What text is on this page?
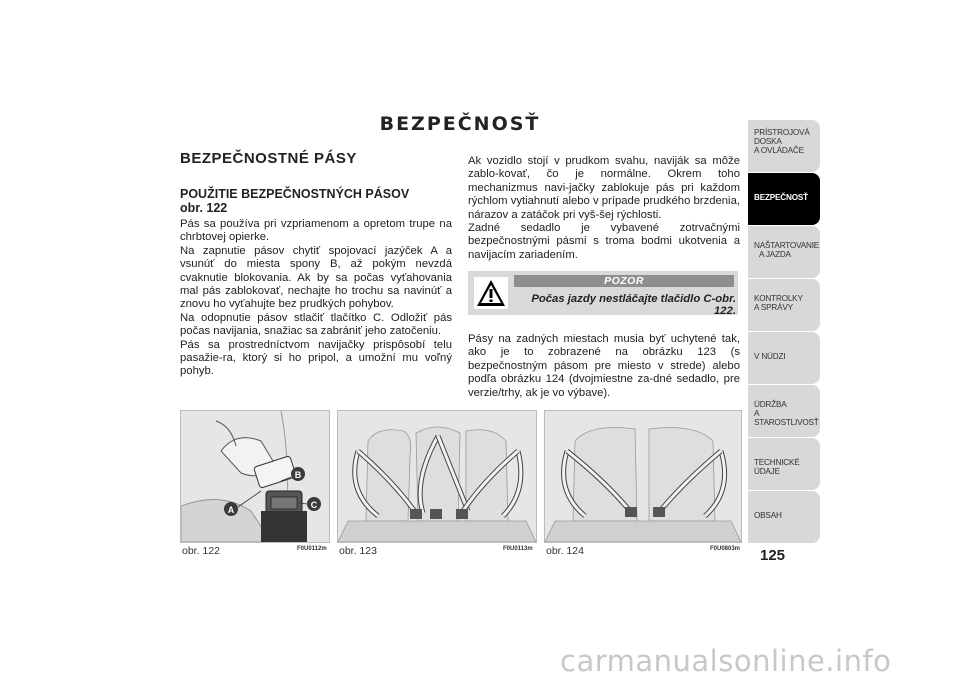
BEZPEČNOSŤ
BEZPEČNOSTNÉ PÁSY
POUŽITIE BEZPEČNOSTNÝCH PÁSOV
obr. 122

Pás sa používa pri vzpriamenom a opretom trupe na chrbtovej opierke.

Na zapnutie pásov chytiť spojovací jazýček A a vsunúť do miesta spony B, až pokým nevzdá cvaknutie blokovania. Ak by sa počas vyťahovania mal pás zablokovať, nechajte ho trochu sa navinúť a znovu ho vyťahujte bez prudkých pohybov.

Na odopnutie pásov stlačiť tlačítko C. Odložiť pás počas navijania, snažiac sa zabrániť jeho zatočeniu.

Pás sa prostredníctvom navijačky prispôsobí telu pasažie-ra, ktorý si ho pripol, a umožní mu voľný pohyb.

Ak vozidlo stojí v prudkom svahu, naviják sa môže zablo-kovať, čo je normálne. Okrem toho mechanizmus navi-jačky zablokuje pás pri každom rýchlom vytiahnutí alebo v prípade prudkého brzdenia, nárazov a zatáčok pri vyš-šej rýchlosti.

Zadné sedadlo je vybavené zotrvačnými bezpečnostnými pásmi s troma bodmi ukotvenia a navijacím zariadením.

POZOR
Počas jazdy nestláčajte tlačidlo C-obr. 122.

Pásy na zadných miestach musia byť uchytené tak, ako je to zobrazené na obrázku 123 (s bezpečnostným pásom pre miesto v strede) alebo podľa obrázku 124 (dvojmiestne za-dné sedadlo, pre verzie/trhy, ak je vo výbave).

A
B
C
obr. 122	F0U0112m obr. 123	F0U0113m obr. 124	F0U0803m
PRÍSTROJOVÁ
DOSKA
A OVLÁDAČE
BEZPEČNOSŤ
NAŠTARTOVANIE
A JAZDA
KONTROLKY
A SPRÁVY
V NÚDZI
ÚDRŽBA
A STAROSTLIVOSŤ
TECHNICKÉ ÚDAJE
OBSAH
125
carmanualsonline.info
